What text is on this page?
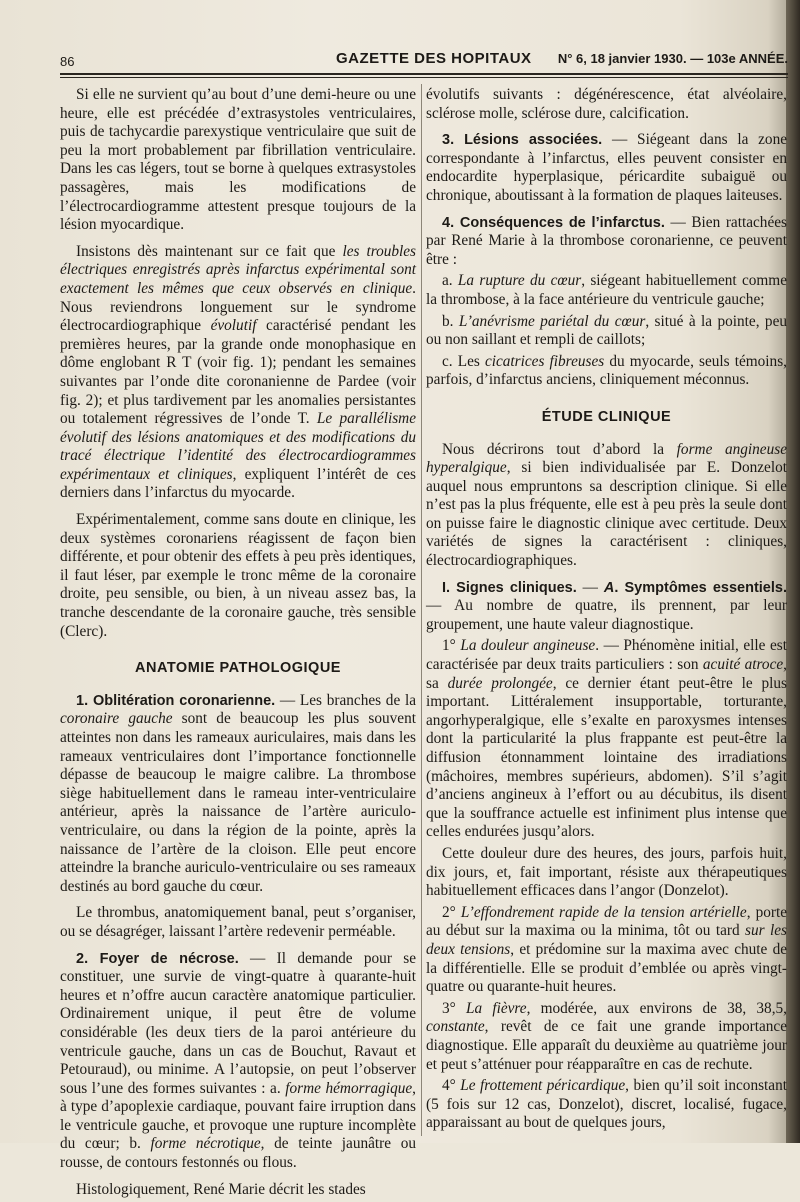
86	GAZETTE DES HOPITAUX N° 6, 18 janvier 1930. — 103e ANNÉE.

Si elle ne survient qu’au bout d’une demi-heure ou une heure, elle est précédée d’extrasystoles ventriculaires, puis de tachycardie parexystique ventriculaire que suit de peu la mort probablement par fibrillation ventriculaire. Dans les cas légers, tout se borne à quelques extrasystoles passagères, mais les modifications de l’électrocardiogramme attestent presque toujours de la lésion myocardique.

Insistons dès maintenant sur ce fait que les troubles électriques enregistrés après infarctus expérimental sont exactement les mêmes que ceux observés en clinique. Nous reviendrons longuement sur le syndrome électrocardiographique évolutif caractérisé pendant les premières heures, par la grande onde monophasique en dôme englobant R T (voir fig. 1); pendant les semaines suivantes par l’onde dite coronanienne de Pardee (voir fig. 2); et plus tardivement par les anomalies persistantes ou totalement régressives de l’onde T. Le parallélisme évolutif des lésions anatomiques et des modifications du tracé électrique l’identité des électrocardiogrammes expérimentaux et cliniques, expliquent l’intérêt de ces derniers dans l’infarctus du myocarde.

Expérimentalement, comme sans doute en clinique, les deux systèmes coronariens réagissent de façon bien différente, et pour obtenir des effets à peu près identiques, il faut léser, par exemple le tronc même de la coronaire droite, peu sensible, ou bien, à un niveau assez bas, la tranche descendante de la coronaire gauche, très sensible (Clerc).

ANATOMIE PATHOLOGIQUE

1. Oblitération coronarienne. — Les branches de la coronaire gauche sont de beaucoup les plus souvent atteintes non dans les rameaux auriculaires, mais dans les rameaux ventriculaires dont l’importance fonctionnelle dépasse de beaucoup le maigre calibre. La thrombose siège habituellement dans le rameau inter-ventriculaire antérieur, après la naissance de l’artère auriculo-ventriculaire, ou dans la région de la pointe, après la naissance de l’artère de la cloison. Elle peut encore atteindre la branche auriculo-ventriculaire ou ses rameaux destinés au bord gauche du cœur.

Le thrombus, anatomiquement banal, peut s’organiser, ou se désagréger, laissant l’artère redevenir perméable.

2. Foyer de nécrose. — Il demande pour se constituer, une survie de vingt-quatre à quarante-huit heures et n’offre aucun caractère anatomique particulier. Ordinairement unique, il peut être de volume considérable (les deux tiers de la paroi antérieure du ventricule gauche, dans un cas de Bouchut, Ravaut et Petouraud), ou minime. A l’autopsie, on peut l’observer sous l’une des formes suivantes : a. forme hémorragique, à type d’apoplexie cardiaque, pouvant faire irruption dans le ventricule gauche, et provoque une rupture incomplète du cœur; b. forme nécrotique, de teinte jaunâtre ou rousse, de contours festonnés ou flous.

Histologiquement, René Marie décrit les stades

évolutifs suivants : dégénérescence, état alvéolaire, sclérose molle, sclérose dure, calcification.

3. Lésions associées. — Siégeant dans la zone correspondante à l’infarctus, elles peuvent consister en endocardite hyperplasique, péricardite subaiguë ou chronique, aboutissant à la formation de plaques laiteuses.

4. Conséquences de l’infarctus. — Bien rattachées par René Marie à la thrombose coronarienne, ce peuvent être :

a. La rupture du cœur, siégeant habituellement comme la thrombose, à la face antérieure du ventricule gauche;

b. L’anévrisme pariétal du cœur, situé à la pointe, peu ou non saillant et rempli de caillots;

c. Les cicatrices fibreuses du myocarde, seuls témoins, parfois, d’infarctus anciens, cliniquement méconnus.

ÉTUDE CLINIQUE

Nous décrirons tout d’abord la forme angineuse hyperalgique, si bien individualisée par E. Donzelot auquel nous empruntons sa description clinique. Si elle n’est pas la plus fréquente, elle est à peu près la seule dont on puisse faire le diagnostic clinique avec certitude. Deux variétés de signes la caractérisent : cliniques, électrocardiographiques.

I. Signes cliniques. — A. Symptômes essentiels. — Au nombre de quatre, ils prennent, par leur groupement, une haute valeur diagnostique.

1° La douleur angineuse. — Phénomène initial, elle est caractérisée par deux traits particuliers : son acuité atroce, sa durée prolongée, ce dernier étant peut-être le plus important. Littéralement insupportable, torturante, angorhyperalgique, elle s’exalte en paroxysmes intenses dont la particularité la plus frappante est peut-être la diffusion étonnamment lointaine des irradiations (mâchoires, membres supérieurs, abdomen). S’il s’agit d’anciens angineux à l’effort ou au décubitus, ils disent que la souffrance actuelle est infiniment plus intense que celles endurées jusqu’alors.

Cette douleur dure des heures, des jours, parfois huit, dix jours, et, fait important, résiste aux thérapeutiques habituellement efficaces dans l’angor (Donzelot).

2° L’effondrement rapide de la tension artérielle, porte au début sur la maxima ou la minima, tôt ou tard sur les deux tensions, et prédomine sur la maxima avec chute de la différentielle. Elle se produit d’emblée ou après vingt-quatre ou quarante-huit heures.

3° La fièvre, modérée, aux environs de 38, 38,5, constante, revêt de ce fait une grande importance diagnostique. Elle apparaît du deuxième au quatrième jour et peut s’atténuer pour réapparaître en cas de rechute.

4° Le frottement péricardique, bien qu’il soit inconstant (5 fois sur 12 cas, Donzelot), discret, localisé, fugace, apparaissant au bout de quelques jours,
